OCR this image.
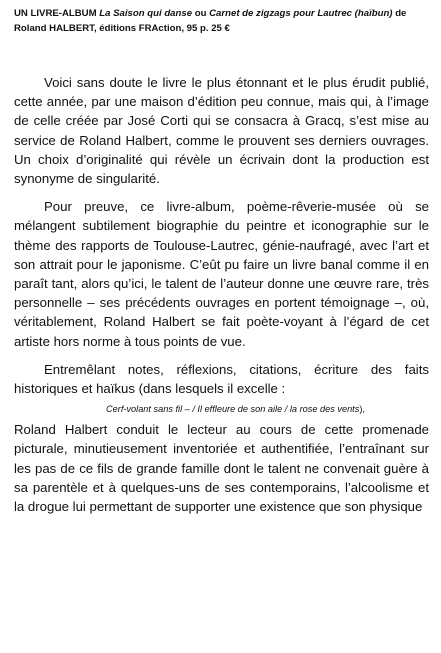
UN LIVRE-ALBUM La Saison qui danse ou Carnet de zigzags pour Lautrec (haïbun) de Roland HALBERT, éditions FRAction, 95 p. 25 €

Voici sans doute le livre le plus étonnant et le plus érudit publié, cette année, par une maison d’édition peu connue, mais qui, à l’image de celle créée par José Corti qui se consacra à Gracq, s’est mise au service de Roland Halbert, comme le prouvent ses derniers ouvrages. Un choix d’originalité qui révèle un écrivain dont la production est synonyme de singularité.

Pour preuve, ce livre-album, poème-rêverie-musée où se mélangent subtilement biographie du peintre et iconographie sur le thème des rapports de Toulouse-Lautrec, génie-naufragé, avec l’art et son attrait pour le japonisme. C’eût pu faire un livre banal comme il en paraît tant, alors qu’ici, le talent de l’auteur donne une œuvre rare, très personnelle – ses précédents ouvrages en portent témoignage –, où, véritablement, Roland Halbert se fait poète-voyant à l’égard de cet artiste hors norme à tous points de vue.

Entremêlant notes, réflexions, citations, écriture des faits historiques et haïkus (dans lesquels il excelle :

Cerf-volant sans fil – / Il effleure de son aile / la rose des vents),

Roland Halbert conduit le lecteur au cours de cette promenade picturale, minutieusement inventoriée et authentifiée, l’entraînant sur les pas de ce fils de grande famille dont le talent ne convenait guère à sa parentèle et à quelques-uns de ses contemporains, l’alcoolisme et la drogue lui permettant de supporter une existence que son physique
